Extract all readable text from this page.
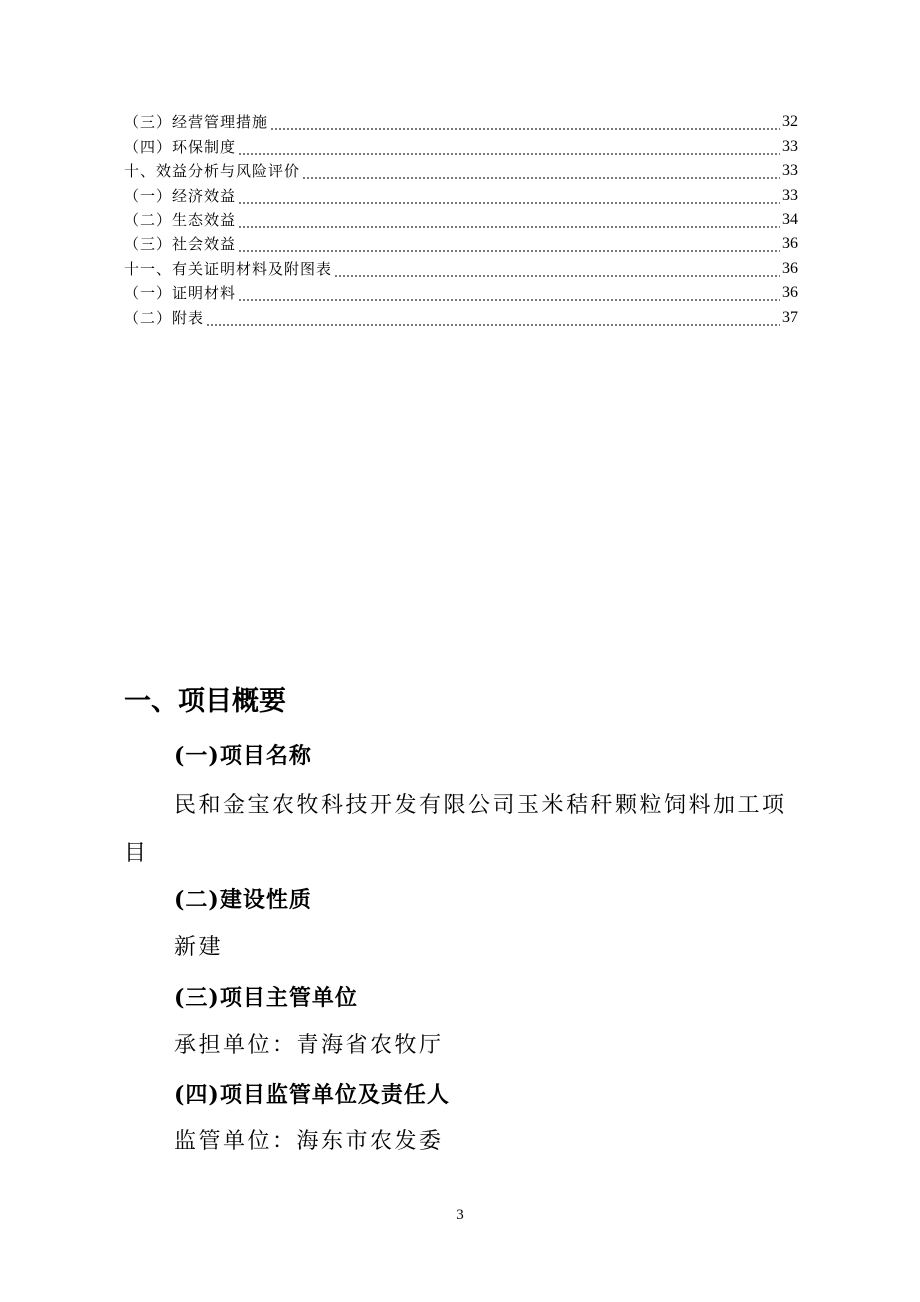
（三）经营管理措施	32
（四）环保制度	33
十、效益分析与风险评价	33
（一）经济效益	33
（二）生态效益	34
（三）社会效益	36
十一、有关证明材料及附图表	36
（一）证明材料	36
（二）附表	37
一、项目概要
(一)项目名称
民和金宝农牧科技开发有限公司玉米秸秆颗粒饲料加工项目
(二)建设性质
新建
(三)项目主管单位
承担单位：青海省农牧厅
(四)项目监管单位及责任人
监管单位：海东市农发委
3
